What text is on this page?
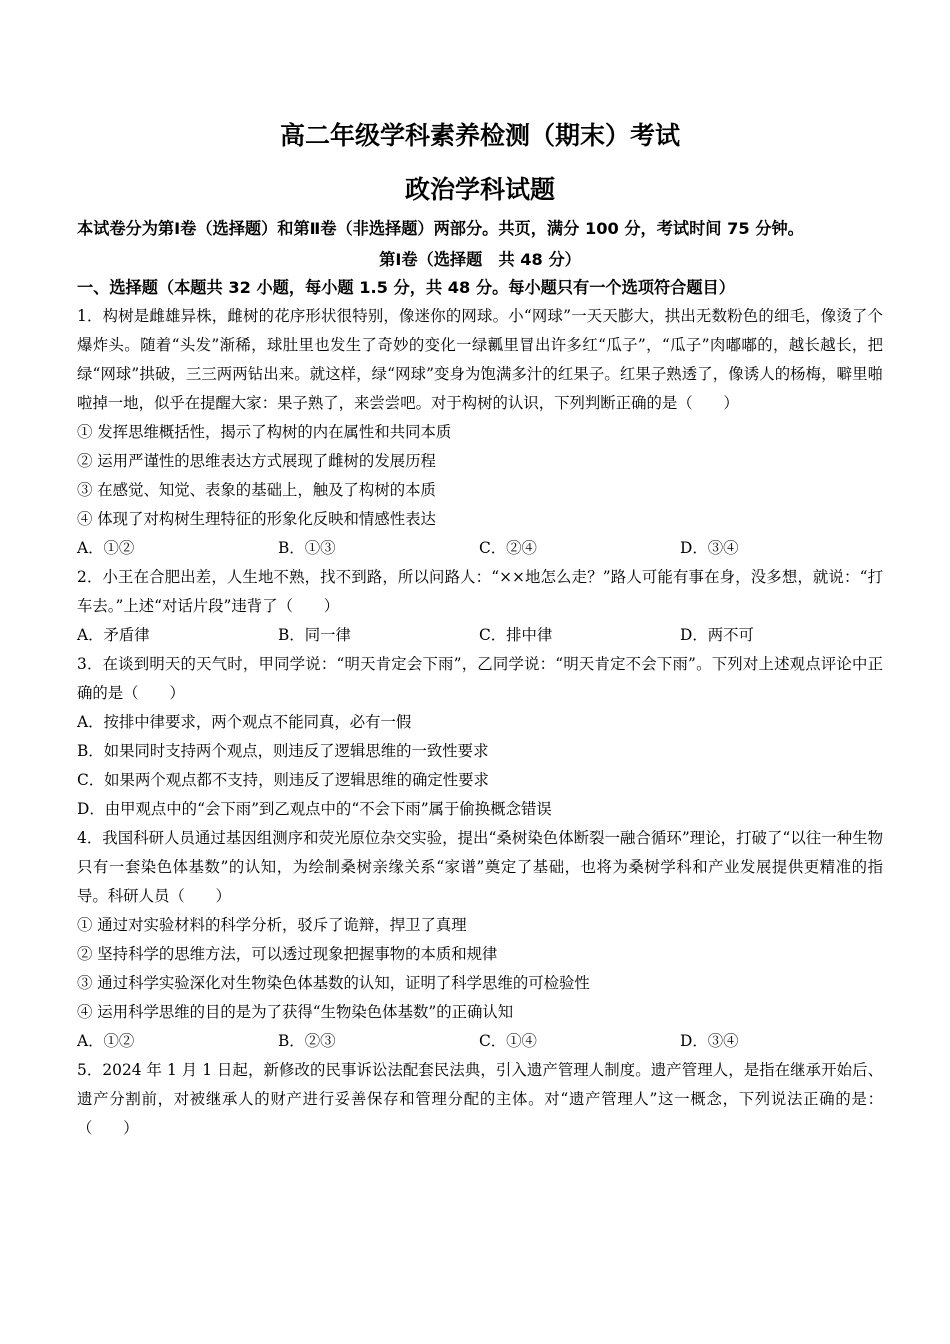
高二年级学科素养检测（期末）考试
政治学科试题
本试卷分为第Ⅰ卷（选择题）和第Ⅱ卷（非选择题）两部分。共页，满分 100 分，考试时间 75 分钟。
第Ⅰ卷（选择题　共 48 分）
一、选择题（本题共 32 小题，每小题 1.5 分，共 48 分。每小题只有一个选项符合题目）
1．构树是雌雄异株，雌树的花序形状很特别，像迷你的网球。小“网球”一天天膨大，拱出无数粉色的细毛，像烫了个爆炸头。随着“头发”渐稀，球肚里也发生了奇妙的变化一绿瓤里冒出许多红“瓜子”，“瓜子”肉嘟嘟的，越长越长，把绿“网球”拱破，三三两两钻出来。就这样，绿“网球”变身为饱满多汁的红果子。红果子熟透了，像诱人的杨梅，噼里啪啦掉一地，似乎在提醒大家：果子熟了，来尝尝吧。对于构树的认识，下列判断正确的是（　　）
① 发挥思维概括性，揭示了构树的内在属性和共同本质
② 运用严谨性的思维表达方式展现了雌树的发展历程
③ 在感觉、知觉、表象的基础上，触及了构树的本质
④ 体现了对构树生理特征的形象化反映和情感性表达
A．①②	B．①③	C．②④	D．③④
2．小王在合肥出差，人生地不熟，找不到路，所以问路人：“××地怎么走？”路人可能有事在身，没多想，就说：“打车去。”上述“对话片段”违背了（　　）
A．矛盾律	B．同一律	C．排中律	D．两不可
3．在谈到明天的天气时，甲同学说：“明天肯定会下雨”，乙同学说：“明天肯定不会下雨”。下列对上述观点评论中正确的是（　　）
A．按排中律要求，两个观点不能同真，必有一假
B．如果同时支持两个观点，则违反了逻辑思维的一致性要求
C．如果两个观点都不支持，则违反了逻辑思维的确定性要求
D．由甲观点中的“会下雨”到乙观点中的“不会下雨”属于偷换概念错误
4．我国科研人员通过基因组测序和荧光原位杂交实验，提出“桑树染色体断裂一融合循环”理论，打破了“以往一种生物只有一套染色体基数”的认知，为绘制桑树亲缘关系“家谱”奠定了基础，也将为桑树学科和产业发展提供更精准的指导。科研人员（　　）
① 通过对实验材料的科学分析，驳斥了诡辩，捍卫了真理
② 坚持科学的思维方法，可以透过现象把握事物的本质和规律
③ 通过科学实验深化对生物染色体基数的认知，证明了科学思维的可检验性
④ 运用科学思维的目的是为了获得“生物染色体基数”的正确认知
A．①②	B．②③	C．①④	D．③④
5．2024 年 1 月 1 日起，新修改的民事诉讼法配套民法典，引入遗产管理人制度。遗产管理人，是指在继承开始后、遗产分割前，对被继承人的财产进行妥善保存和管理分配的主体。对“遗产管理人”这一概念，下列说法正确的是：（　　）
